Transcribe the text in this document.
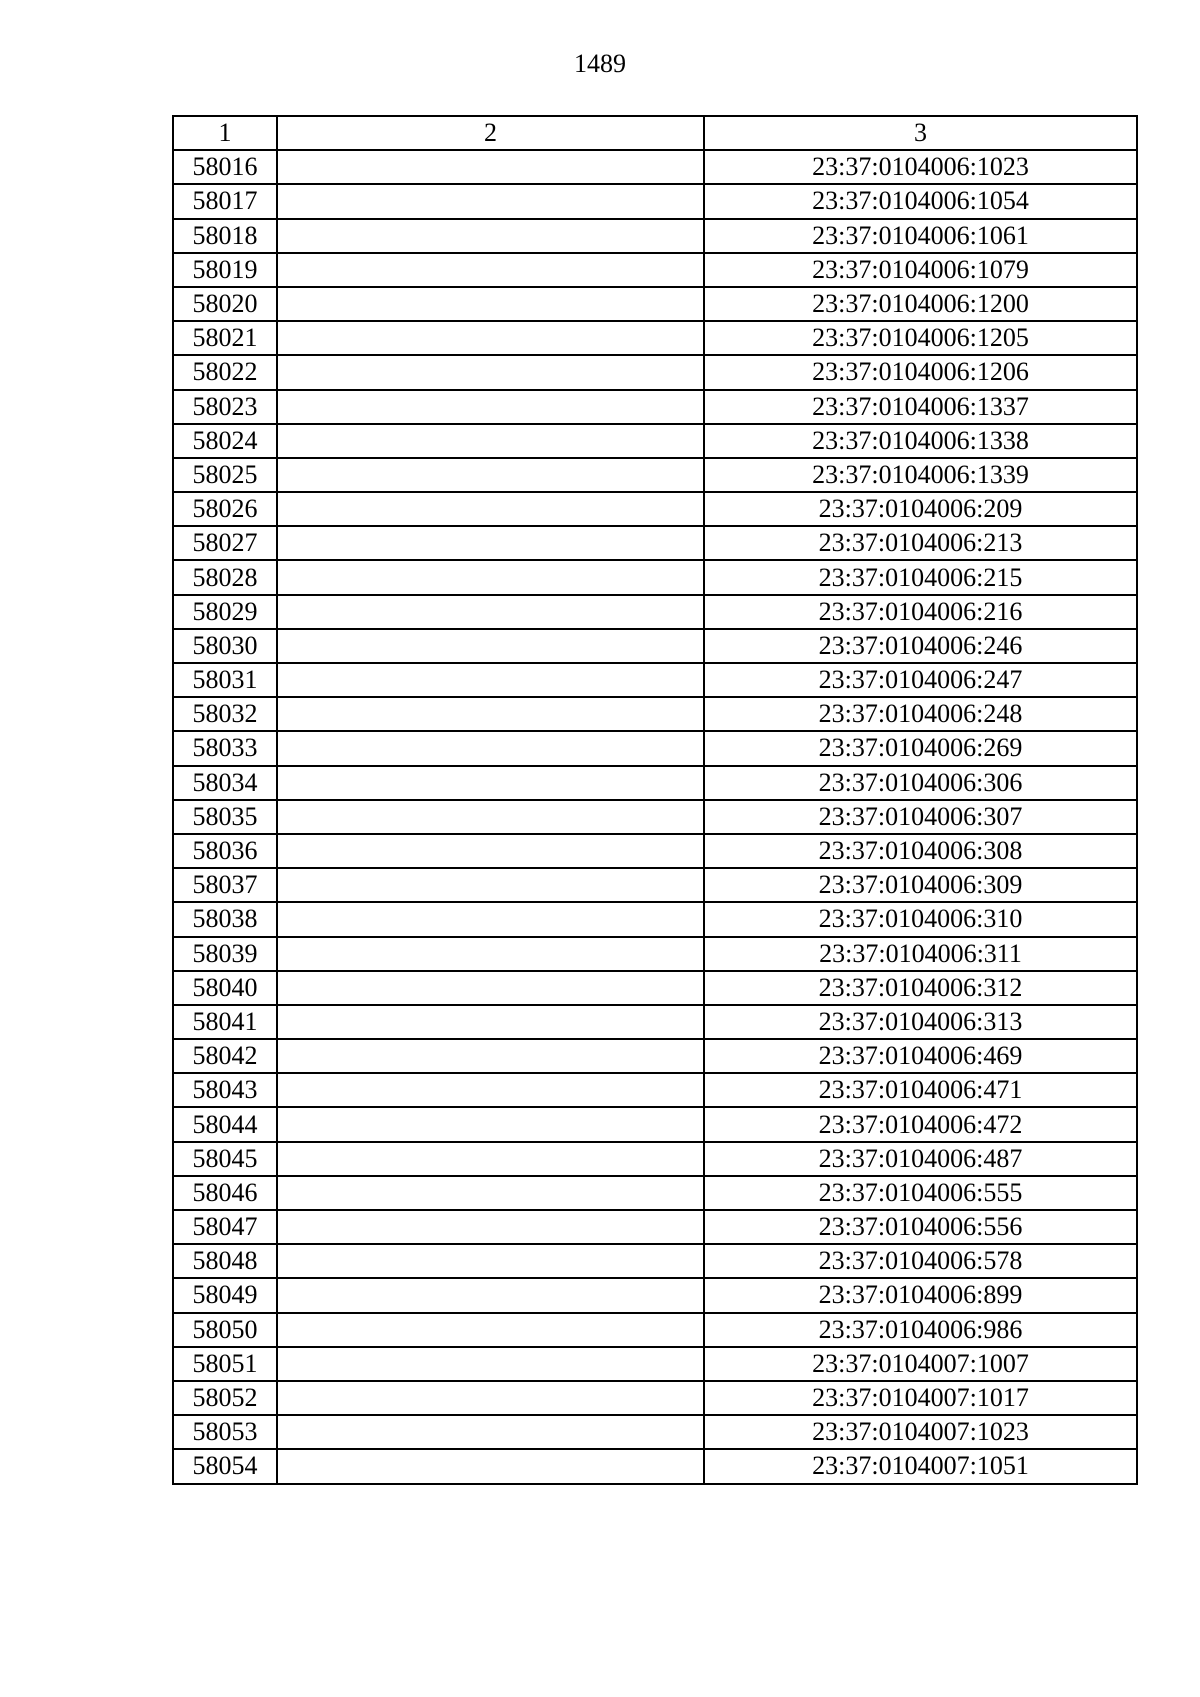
1489
1	2	3
58016		23:37:0104006:1023
58017		23:37:0104006:1054
58018		23:37:0104006:1061
58019		23:37:0104006:1079
58020		23:37:0104006:1200
58021		23:37:0104006:1205
58022		23:37:0104006:1206
58023		23:37:0104006:1337
58024		23:37:0104006:1338
58025		23:37:0104006:1339
58026		23:37:0104006:209
58027		23:37:0104006:213
58028		23:37:0104006:215
58029		23:37:0104006:216
58030		23:37:0104006:246
58031		23:37:0104006:247
58032		23:37:0104006:248
58033		23:37:0104006:269
58034		23:37:0104006:306
58035		23:37:0104006:307
58036		23:37:0104006:308
58037		23:37:0104006:309
58038		23:37:0104006:310
58039		23:37:0104006:311
58040		23:37:0104006:312
58041		23:37:0104006:313
58042		23:37:0104006:469
58043		23:37:0104006:471
58044		23:37:0104006:472
58045		23:37:0104006:487
58046		23:37:0104006:555
58047		23:37:0104006:556
58048		23:37:0104006:578
58049		23:37:0104006:899
58050		23:37:0104006:986
58051		23:37:0104007:1007
58052		23:37:0104007:1017
58053		23:37:0104007:1023
58054		23:37:0104007:1051
